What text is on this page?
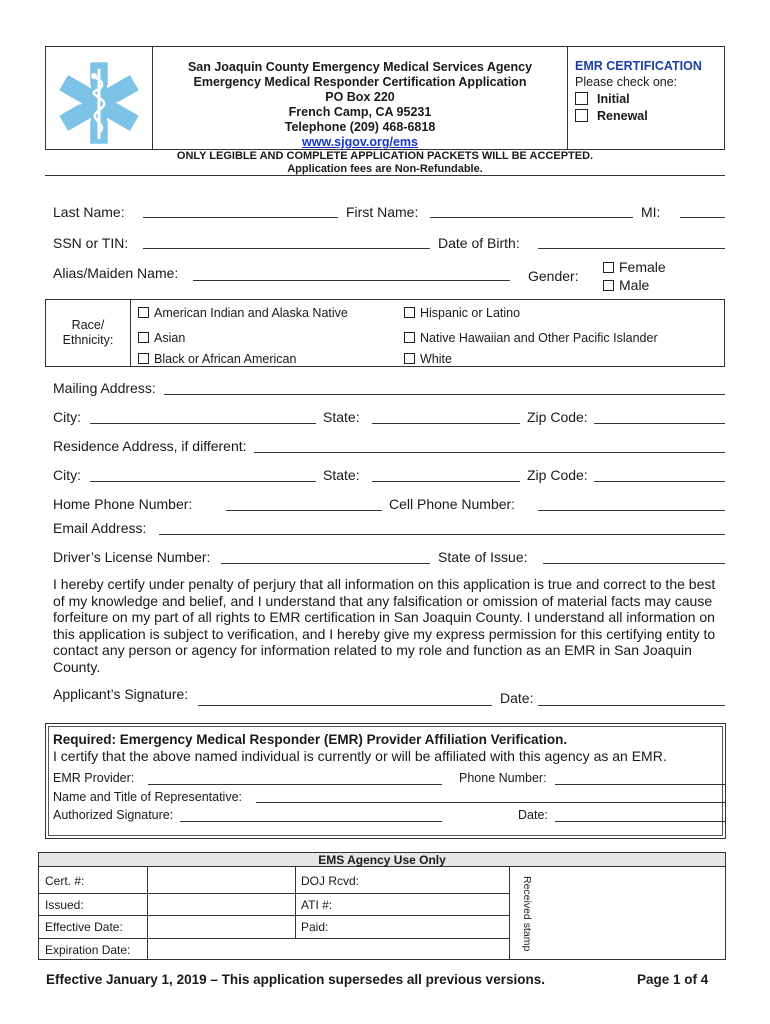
San Joaquin County Emergency Medical Services Agency
Emergency Medical Responder Certification Application
PO Box 220
French Camp, CA 95231
Telephone (209) 468-6818
www.sjgov.org/ems
EMR CERTIFICATION
Please check one:
Initial
Renewal
ONLY LEGIBLE AND COMPLETE APPLICATION PACKETS WILL BE ACCEPTED.
Application fees are Non-Refundable.
Last Name:	First Name:	MI:
SSN or TIN:	Date of Birth:
Alias/Maiden Name:	Gender:
Female
Male
Race/
Ethnicity:
American Indian and Alaska Native	Hispanic or Latino
Asian	Native Hawaiian and Other Pacific Islander
Black or African American	White
Mailing Address:
City:	State:	Zip Code:
Residence Address, if different:
City:	State:	Zip Code:
Home Phone Number:	Cell Phone Number:
Email Address:
Driver’s License Number:	State of Issue:
I hereby certify under penalty of perjury that all information on this application is true and correct to the best of my knowledge and belief, and I understand that any falsification or omission of material facts may cause forfeiture on my part of all rights to EMR certification in San Joaquin County. I understand all information on this application is subject to verification, and I hereby give my express permission for this certifying entity to contact any person or agency for information related to my role and function as an EMR in San Joaquin County.
Applicant’s Signature:	Date:
Required: Emergency Medical Responder (EMR) Provider Affiliation Verification.
I certify that the above named individual is currently or will be affiliated with this agency as an EMR.
EMR Provider:	Phone Number:
Name and Title of Representative:
Authorized Signature:	Date:
EMS Agency Use Only
Cert. #:	DOJ Rcvd:
Issued:	ATI #:
Effective Date:	Paid:
Expiration Date:	Received stamp
Effective January 1, 2019 – This application supersedes all previous versions.	Page 1 of 4
